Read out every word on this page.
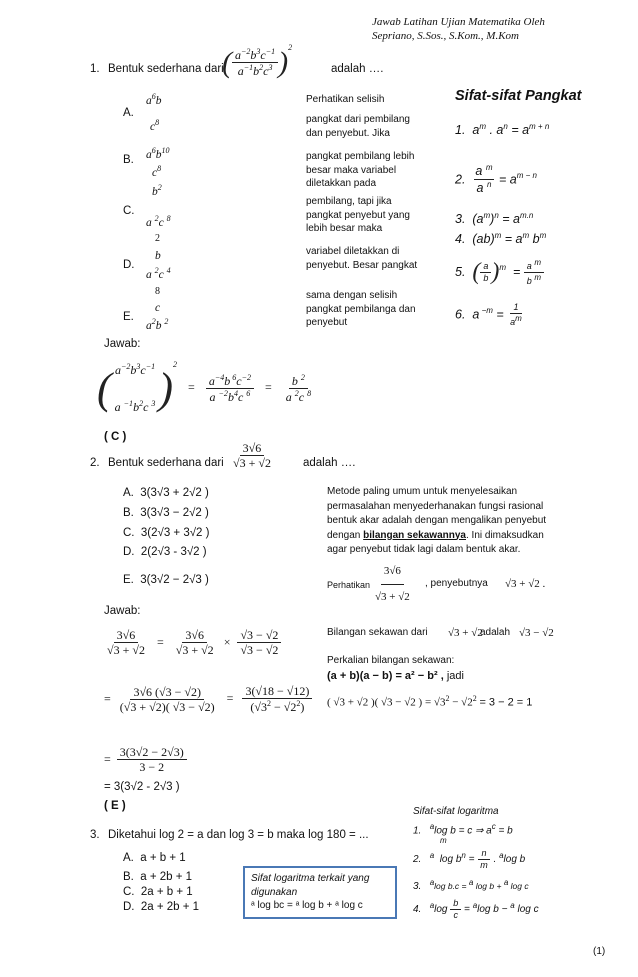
Jawab Latihan Ujian Matematika Oleh
Sepriano, S.Sos., S.Kom., M.Kom
1. Bentuk sederhana dari
( $\frac{a^{-2}b^3c^{-1}}{a^{-1}b^2c^3} )^2$
adalah ….
A.
$a^6b$
$c^8$
B. $a^6b^{10}$
$c^8$
$b^2$
C.
a $^2$c $^8$
2
b
D.
a $^2$c $^4$
8
c
E.
$a^2b$ $^2$
Jawab:
( $a^{-2}b^3c^{-1}$
a $^{-1}b^2c$ $^3$ )$^2 = \frac{a^{-4}b ^6c^{-2}}{a ^{-2}b^4c ^6} = \frac{b ^2}{a ^2c ^8}$
( C )
Perhatikan selisih
pangkat dari pembilang dan penyebut. Jika
pangkat pembilang lebih besar maka variabel diletakkan pada
pembilang, tapi jika pangkat penyebut yang lebih besar maka
variabel diletakkan di penyebut. Besar pangkat
sama dengan selisih pangkat pembilanga dan penyebut
Sifat-sifat Pangkat
1.  $a^m$ . $a^n = a^{m + n}$
2. $\frac{a ^m}{a ^n} = a^{m - n}$
3.  $(a^m)^n = a^{m.n}$
4.  $(ab)^m = a^m$ $b^m$
5. ( $\frac{a}{b} )^m = \frac{a ^m}{b ^m}$
6.  a $^{-m} = \frac{1}{a^m}$
2. Bentuk sederhana dari $\frac{3√6}{√3 + √2}$	adalah ….
A. 3(3√3 + 2√2 )
B. 3(3√3 − 2√2 )
C. 3(2√3 + 3√2 )
D. 2(2√3 - 3√2 )
E. 3(3√2 − 2√3 )
Jawab:
$\frac{3√6}{√3 + √2} = \frac{3√6}{√3 + √2} \times \frac{√3 - √2}{√3 - √2}$
= $\frac{3√6 (√3 - √2)}{(√3 + √2)( √3 - √2)} = \frac{3(√18 - √12)}{(√3^2 - √2^2)}$
= $\frac{3(3√2 - 2√3)}{3 - 2}$
= 3(3√2 - 2√3 )
( E )
Metode paling umum untuk menyelesaikan permasalahan menyederhanakan fungsi rasional bentuk akar adalah dengan mengalikan penyebut dengan bilangan sekawannya. Ini dimaksudkan agar penyebut tidak lagi dalam bentuk akar.
Perhatikan $\frac{3√6}{√3 + √2}$ , penyebutnya √3 + √2 .
Bilangan sekawan dari √3 + √2
adalah √3 − √2
Perkalian bilangan sekawan:
(a + b)(a − b) = a² − b² , jadi
( √3 + √2 )( √3 − √2 ) = $√3^2 - √2^2 = 3 - 2 = 1$
Sifat-sifat logaritma
1. $^a$log b = c ⇒ $a^c = b$
m
2. $^a$  $\log b^n = \frac{n}{m}$ . $^a$log b
3. $^a$log b.c = $^a$ log b + $^a$ log c
4. $^a\log \frac{b}{c} = ^a\log$ b − $^a$ log c
3. Diketahui log 2 = a dan log 3 = b maka log 180 = ...
A. a + b + 1
B. a + 2b + 1
C. 2a + b + 1
D. 2a + 2b + 1
Sifat logaritma terkait yang
digunakan
ᵃ log bc = ᵃ log b + ᵃ log c
(1)
